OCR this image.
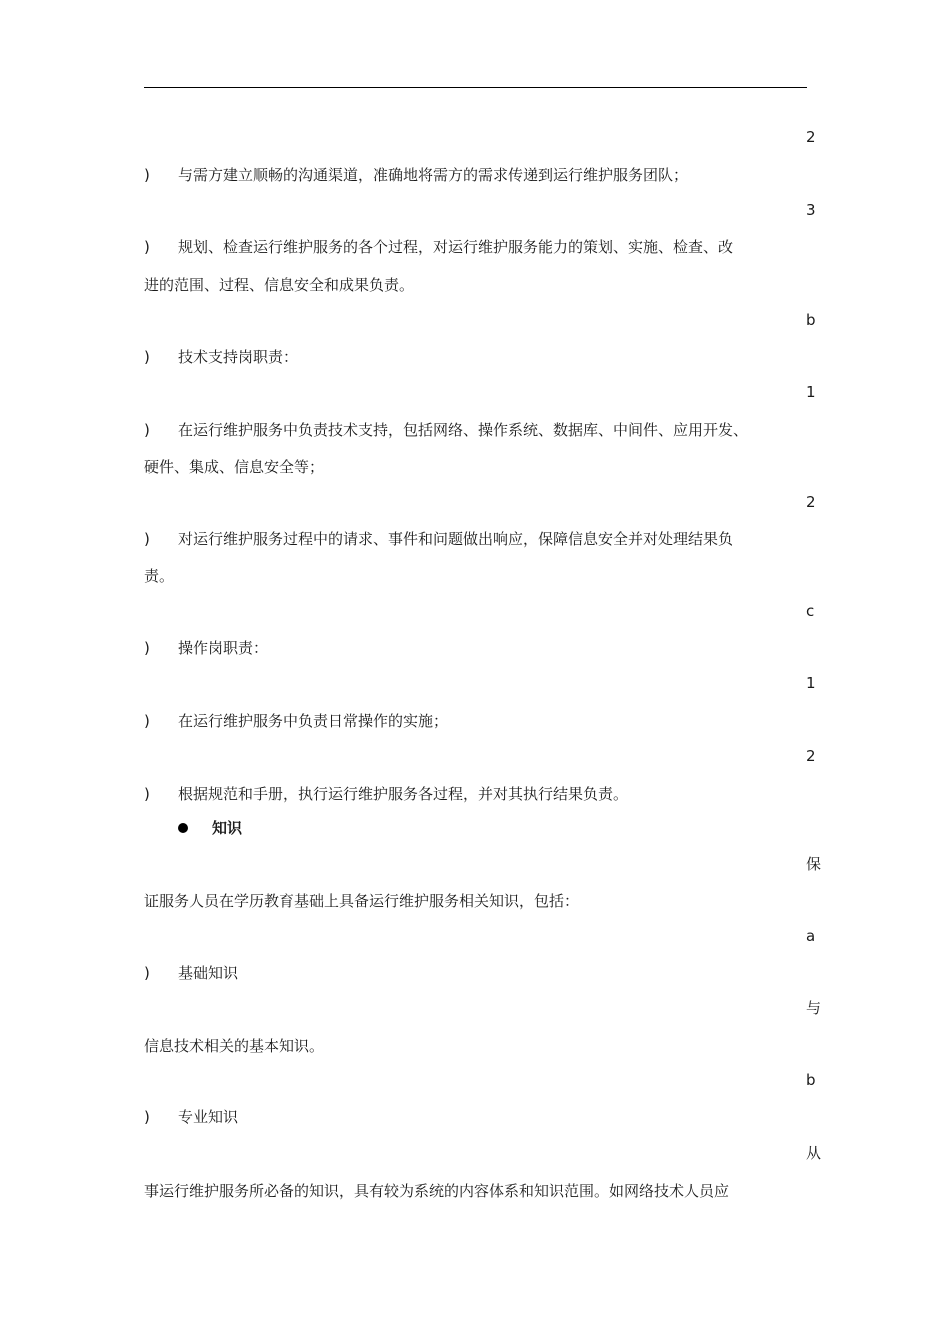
2
) 与需方建立顺畅的沟通渠道，准确地将需方的需求传递到运行维护服务团队；
3
) 规划、检查运行维护服务的各个过程，对运行维护服务能力的策划、实施、检查、改
进的范围、过程、信息安全和成果负责。
b
) 技术支持岗职责：
1
) 在运行维护服务中负责技术支持，包括网络、操作系统、数据库、中间件、应用开发、
硬件、集成、信息安全等；
2
) 对运行维护服务过程中的请求、事件和问题做出响应，保障信息安全并对处理结果负
责。
c
) 操作岗职责：
1
) 在运行维护服务中负责日常操作的实施；
2
) 根据规范和手册，执行运行维护服务各过程，并对其执行结果负责。
知识
保
证服务人员在学历教育基础上具备运行维护服务相关知识，包括：
a
) 基础知识
与
信息技术相关的基本知识。
b
) 专业知识
从
事运行维护服务所必备的知识，具有较为系统的内容体系和知识范围。如网络技术人员应
